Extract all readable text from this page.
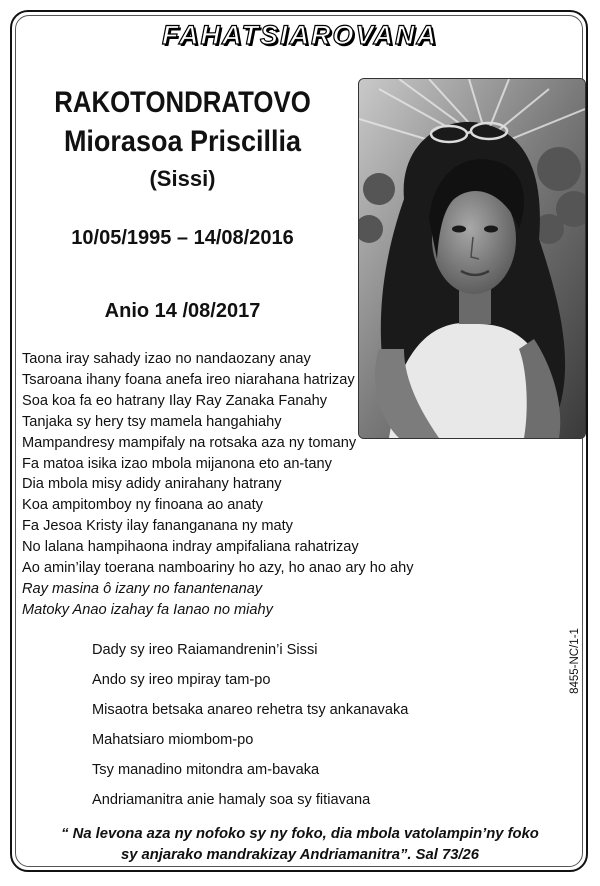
FAHATSIAROVANA
RAKOTONDRATOVO
Miorasoa Priscillia
(Sissi)
10/05/1995 – 14/08/2016
Anio 14 /08/2017
Taona iray sahady izao no nandaozany anay
Tsaroana ihany foana anefa ireo niarahana hatrizay
Soa koa fa eo hatrany Ilay Ray Zanaka Fanahy
Tanjaka sy hery tsy mamela hangahiahy
Mampandresy mampifaly na rotsaka aza ny tomany
Fa matoa isika izao mbola mijanona eto an-tany
Dia mbola misy adidy anirahany hatrany
Koa ampitomboy ny finoana ao anaty
Fa Jesoa Kristy ilay fananganana ny maty
No lalana hampihaona indray ampifaliana rahatrizay
Ao amin’ilay toerana namboariny ho azy, ho anao ary ho ahy
Ray masina ô izany no fanantenanay
Matoky Anao izahay fa Ianao no miahy
Dady sy ireo Raiamandrenin’i Sissi
Ando sy ireo mpiray tam-po
Misaotra betsaka anareo rehetra tsy ankanavaka
Mahatsiaro miombom-po
Tsy manadino mitondra am-bavaka
Andriamanitra anie hamaly soa sy fitiavana
“ Na levona aza ny nofoko sy ny foko, dia mbola vatolampin’ny foko
sy anjarako mandrakizay Andriamanitra”. Sal 73/26
8455-NC/1-1
